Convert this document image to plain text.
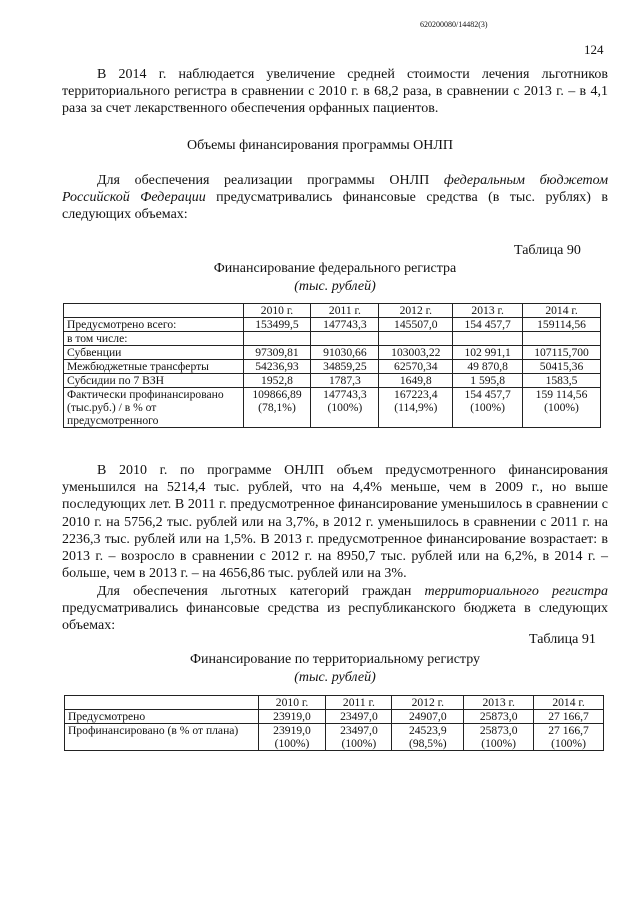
620200080/14482(3)
124
В 2014 г. наблюдается увеличение средней стоимости лечения льготников территориального регистра в сравнении с 2010 г. в 68,2 раза, в сравнении с 2013 г. – в 4,1 раза за счет лекарственного обеспечения орфанных пациентов.
Объемы финансирования программы ОНЛП
Для обеспечения реализации программы ОНЛП федеральным бюджетом Российской Федерации предусматривались финансовые средства (в тыс. рублях) в следующих объемах:
Таблица 90
Финансирование федерального регистра
(тыс. рублей)
	2010 г.	2011 г.	2012 г.	2013 г.	2014 г.
Предусмотрено всего:	153499,5	147743,3	145507,0	154 457,7	159114,56
в том числе:					
Субвенции	97309,81	91030,66	103003,22	102 991,1	107115,700
Межбюджетные трансферты	54236,93	34859,25	62570,34	49 870,8	50415,36
Субсидии по 7 ВЗН	1952,8	1787,3	1649,8	1 595,8	1583,5
Фактически профинансировано (тыс.руб.) / в % от предусмотренного	109866,89 (78,1%)	147743,3 (100%)	167223,4 (114,9%)	154 457,7 (100%)	159 114,56 (100%)
В 2010 г. по программе ОНЛП объем предусмотренного финансирования уменьшился на 5214,4 тыс. рублей, что на 4,4% меньше, чем в 2009 г., но выше последующих лет. В 2011 г. предусмотренное финансирование уменьшилось в сравнении с 2010 г. на 5756,2 тыс. рублей или на 3,7%, в 2012 г. уменьшилось в сравнении с 2011 г. на 2236,3 тыс. рублей или на 1,5%. В 2013 г. предусмотренное финансирование возрастает: в 2013 г. – возросло в сравнении с 2012 г. на 8950,7 тыс. рублей или на 6,2%, в 2014 г. – больше, чем в 2013 г. – на 4656,86 тыс. рублей или на 3%.
Для обеспечения льготных категорий граждан территориального регистра предусматривались финансовые средства из республиканского бюджета в следующих объемах:
Таблица 91
Финансирование по территориальному регистру
(тыс. рублей)
	2010 г.	2011 г.	2012 г.	2013 г.	2014 г.
Предусмотрено	23919,0	23497,0	24907,0	25873,0	27 166,7
Профинансировано (в % от плана)	23919,0 (100%)	23497,0 (100%)	24523,9 (98,5%)	25873,0 (100%)	27 166,7 (100%)
